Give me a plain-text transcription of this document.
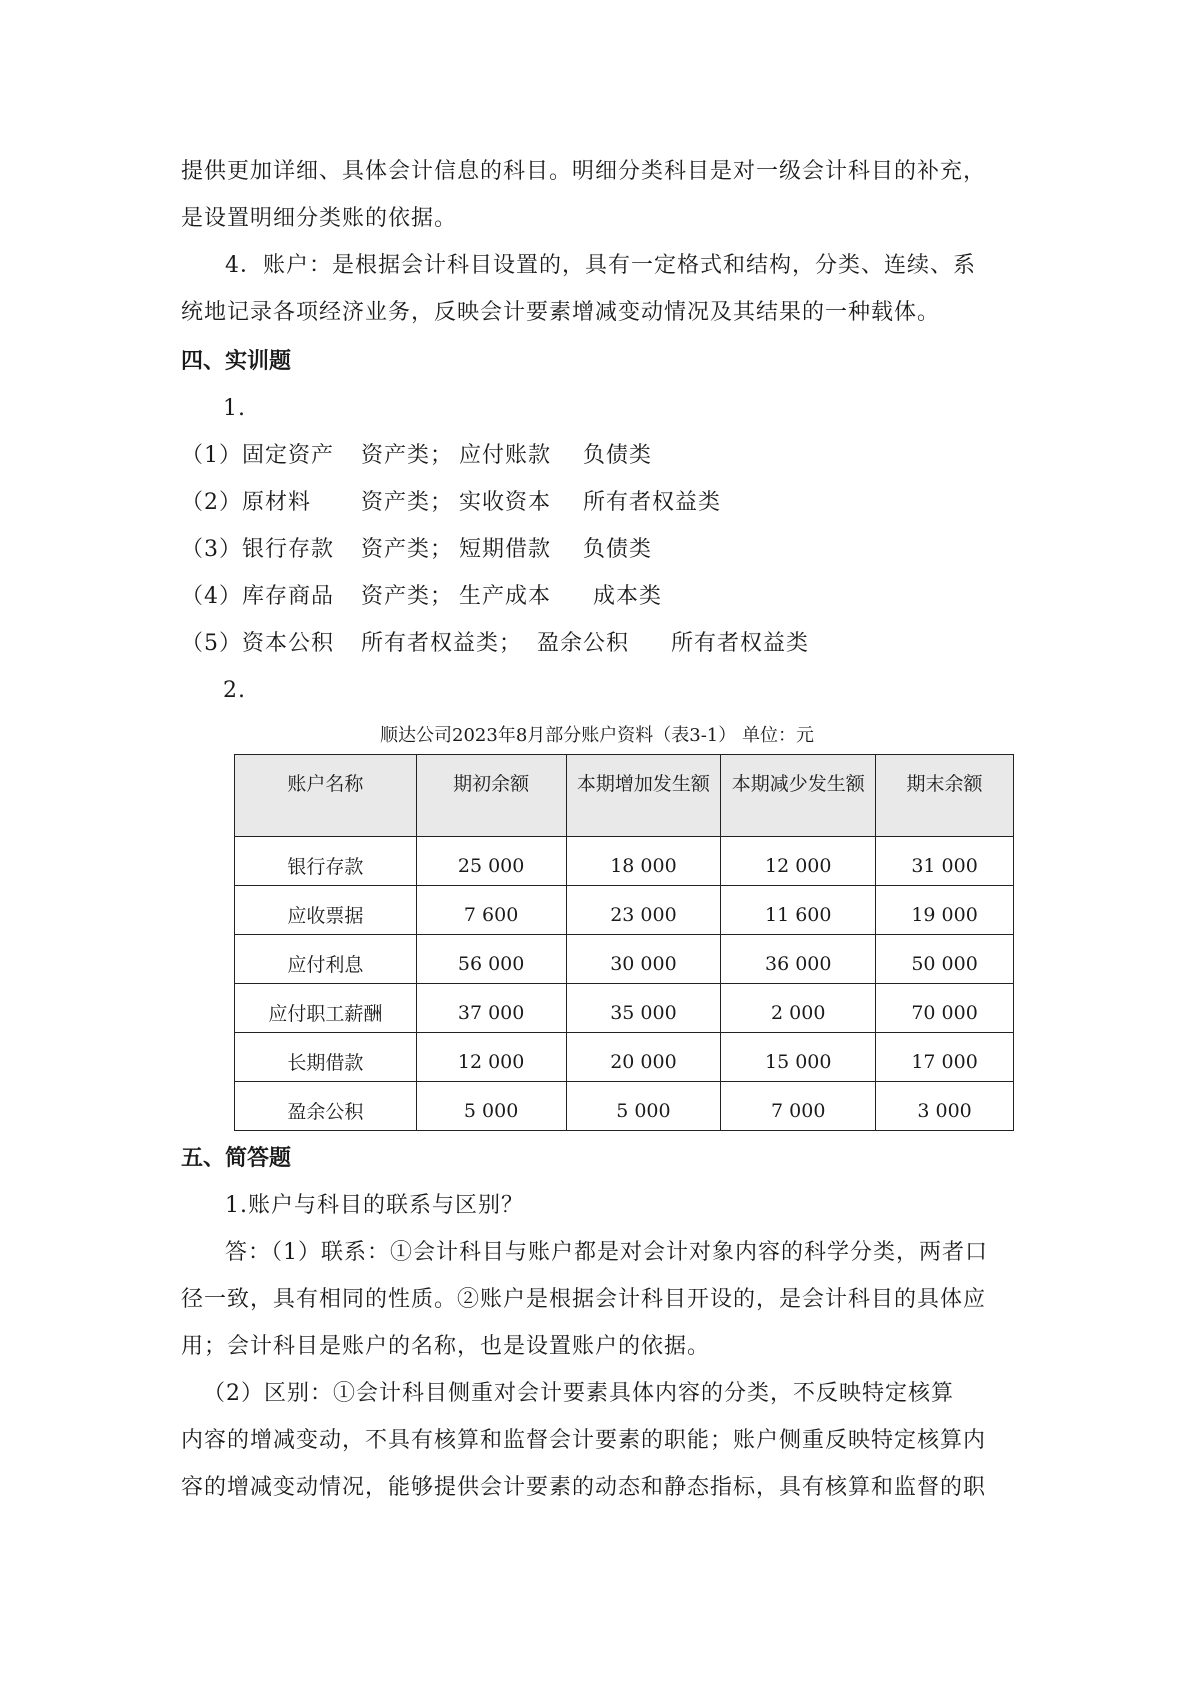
提供更加详细、具体会计信息的科目。明细分类科目是对一级会计科目的补充，

是设置明细分类账的依据。

4．账户：是根据会计科目设置的，具有一定格式和结构，分类、连续、系

统地记录各项经济业务，反映会计要素增减变动情况及其结果的一种载体。

四、实训题

1.

（1）固定资产	资产类； 应付账款	负债类
（2）原材料	资产类； 实收资本	所有者权益类
（3）银行存款	资产类； 短期借款	负债类
（4）库存商品	资产类； 生产成本	成本类
（5）资本公积	所有者权益类； 盈余公积	所有者权益类

2.

顺达公司2023年8月部分账户资料（表3-1） 单位：元

账户名称	期初余额	本期增加发生额	本期减少发生额	期末余额
银行存款	25 000	18 000	12 000	31 000
应收票据	7 600	23 000	11 600	19 000
应付利息	56 000	30 000	36 000	50 000
应付职工薪酬	37 000	35 000	2 000	70 000
长期借款	12 000	20 000	15 000	17 000
盈余公积	5 000	5 000	7 000	3 000
五、简答题

1.账户与科目的联系与区别？

答：（1）联系：①会计科目与账户都是对会计对象内容的科学分类，两者口

径一致，具有相同的性质。②账户是根据会计科目开设的，是会计科目的具体应

用；会计科目是账户的名称，也是设置账户的依据。

（2）区别：①会计科目侧重对会计要素具体内容的分类，不反映特定核算

内容的增减变动，不具有核算和监督会计要素的职能；账户侧重反映特定核算内

容的增减变动情况，能够提供会计要素的动态和静态指标，具有核算和监督的职
